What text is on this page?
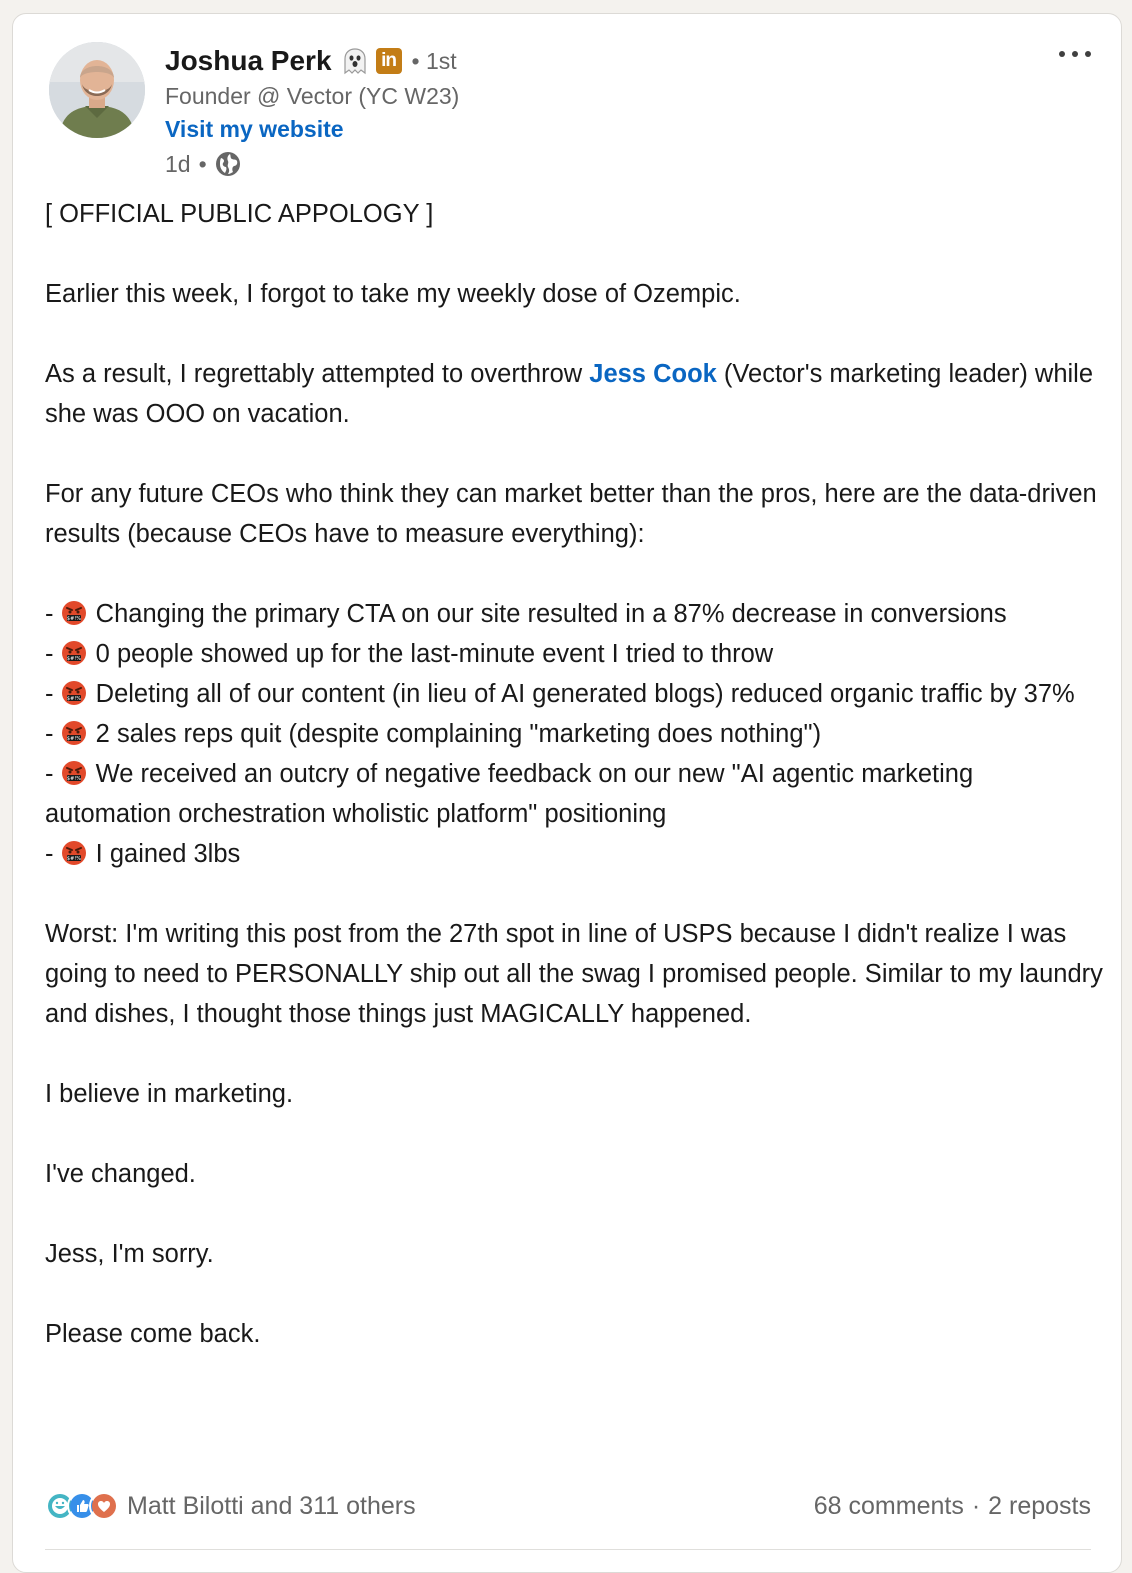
Joshua Perk	in • 1st
Founder @ Vector (YC W23)
Visit my website
1d •

[ OFFICIAL PUBLIC APPOLOGY ]

Earlier this week, I forgot to take my weekly dose of Ozempic.

As a result, I regrettably attempted to overthrow Jess Cook (Vector's marketing leader) while she was OOO on vacation.

For any future CEOs who think they can market better than the pros, here are the data-driven results (because CEOs have to measure everything):

- $#!% Changing the primary CTA on our site resulted in a 87% decrease in conversions

- $#!% 0 people showed up for the last-minute event I tried to throw

- $#!% Deleting all of our content (in lieu of AI generated blogs) reduced organic traffic by 37%

- $#!% 2 sales reps quit (despite complaining "marketing does nothing")

- $#!% We received an outcry of negative feedback on our new "AI agentic marketing automation orchestration wholistic platform" positioning

- $#!% I gained 3lbs

Worst: I'm writing this post from the 27th spot in line of USPS because I didn't realize I was going to need to PERSONALLY ship out all the swag I promised people. Similar to my laundry and dishes, I thought those things just MAGICALLY happened.

I believe in marketing.

I've changed.

Jess, I'm sorry.

Please come back.

Matt Bilotti and 311 others	68 comments · 2 reposts
